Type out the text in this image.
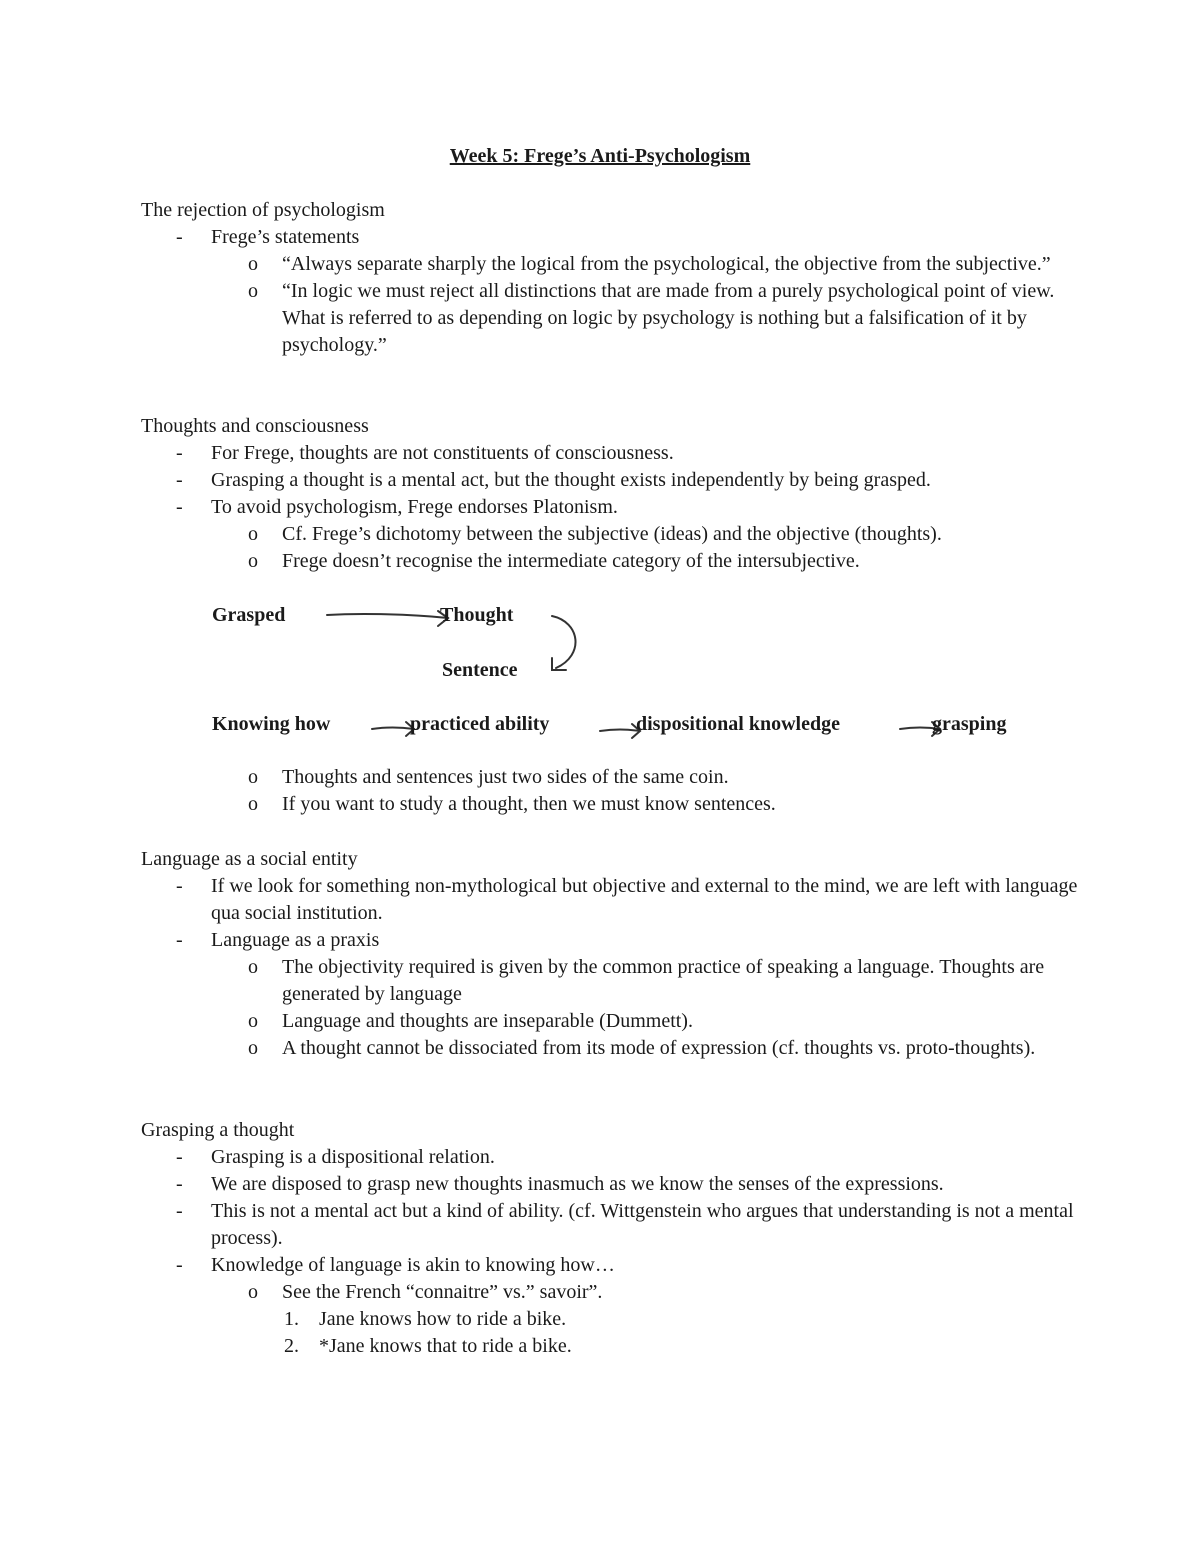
Week 5: Frege’s Anti-Psychologism
The rejection of psychologism
- Frege’s statements
o “Always separate sharply the logical from the psychological, the objective from the subjective.”
o “In logic we must reject all distinctions that are made from a purely psychological point of view. What is referred to as depending on logic by psychology is nothing but a falsification of it by psychology.”
Thoughts and consciousness
- For Frege, thoughts are not constituents of consciousness.
- Grasping a thought is a mental act, but the thought exists independently by being grasped.
- To avoid psychologism, Frege endorses Platonism.
o Cf. Frege’s dichotomy between the subjective (ideas) and the objective (thoughts).
o Frege doesn’t recognise the intermediate category of the intersubjective.
Grasped	Thought
Sentence
Knowing how	practiced ability	dispositional knowledge	grasping
o Thoughts and sentences just two sides of the same coin.
o If you want to study a thought, then we must know sentences.
Language as a social entity
- If we look for something non-mythological but objective and external to the mind, we are left with language qua social institution.
- Language as a praxis
o The objectivity required is given by the common practice of speaking a language. Thoughts are generated by language
o Language and thoughts are inseparable (Dummett).
o A thought cannot be dissociated from its mode of expression (cf. thoughts vs. proto-thoughts).
Grasping a thought
- Grasping is a dispositional relation.
- We are disposed to grasp new thoughts inasmuch as we know the senses of the expressions.
- This is not a mental act but a kind of ability. (cf. Wittgenstein who argues that understanding is not a mental process).
- Knowledge of language is akin to knowing how…
o See the French “connaitre” vs.” savoir”.
1. Jane knows how to ride a bike.
2. *Jane knows that to ride a bike.
